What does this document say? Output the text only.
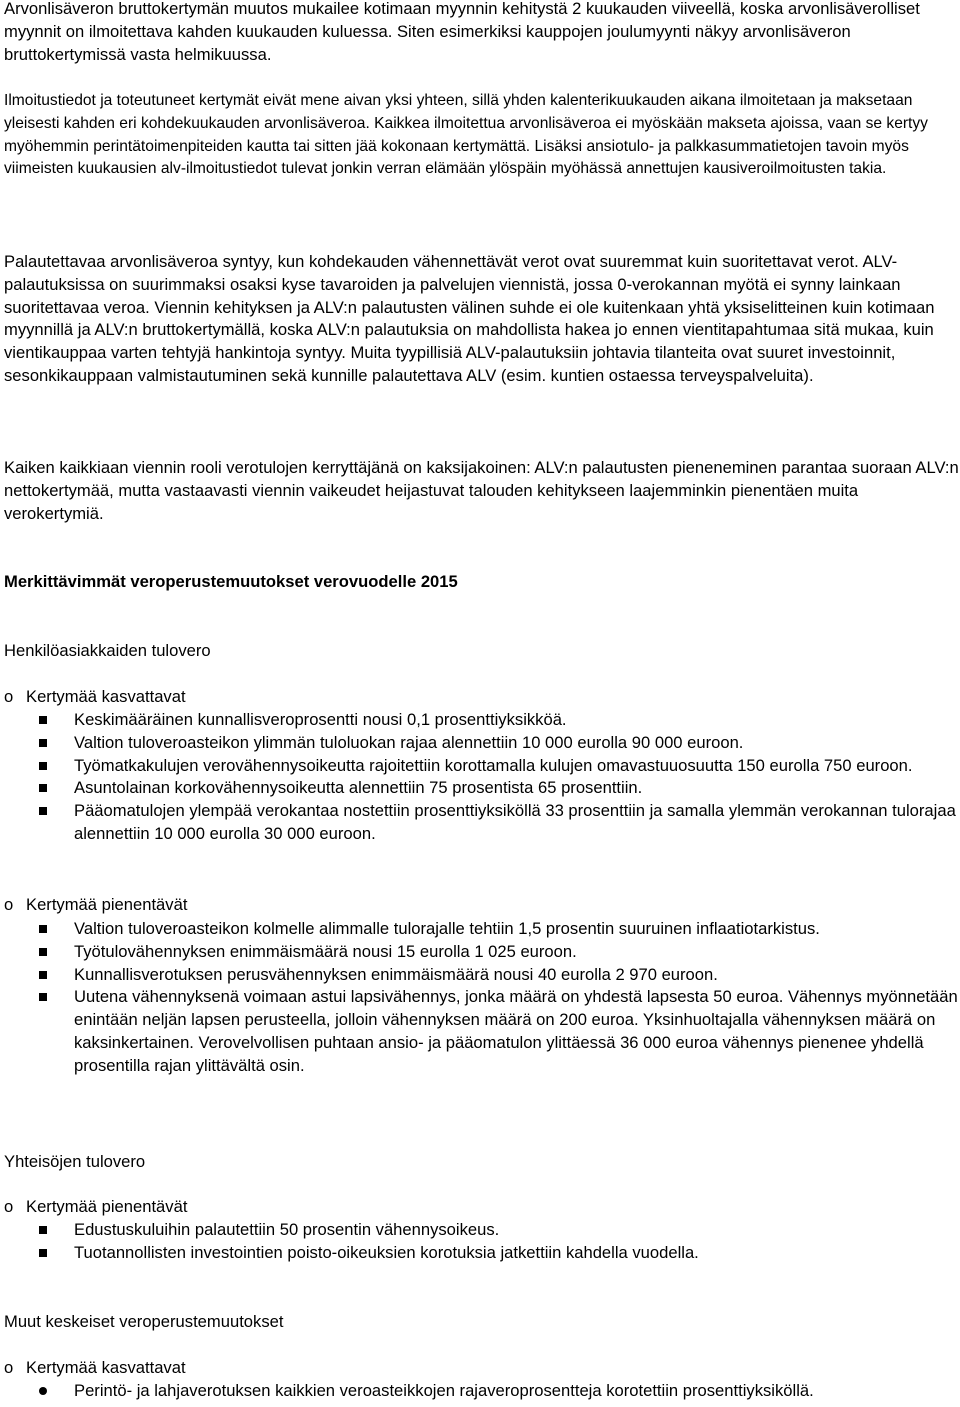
Arvonlisäveron bruttokertymän muutos mukailee kotimaan myynnin kehitystä 2 kuukauden viiveellä, koska arvonlisäverolliset myynnit on ilmoitettava kahden kuukauden kuluessa. Siten esimerkiksi kauppojen joulumyynti näkyy arvonlisäveron bruttokertymissä vasta helmikuussa.

Ilmoitustiedot ja toteutuneet kertymät eivät mene aivan yksi yhteen, sillä yhden kalenterikuukauden aikana ilmoitetaan ja maksetaan yleisesti kahden eri kohdekuukauden arvonlisäveroa. Kaikkea ilmoitettua arvonlisäveroa ei myöskään makseta ajoissa, vaan se kertyy myöhemmin perintätoimenpiteiden kautta tai sitten jää kokonaan kertymättä. Lisäksi ansiotulo- ja palkkasummatietojen tavoin myös viimeisten kuukausien alv-ilmoitustiedot tulevat jonkin verran elämään ylöspäin myöhässä annettujen kausiveroilmoitusten takia.

Palautettavaa arvonlisäveroa syntyy, kun kohdekauden vähennettävät verot ovat suuremmat kuin suoritettavat verot. ALV-palautuksissa on suurimmaksi osaksi kyse tavaroiden ja palvelujen viennistä, jossa 0-verokannan myötä ei synny lainkaan suoritettavaa veroa. Viennin kehityksen ja ALV:n palautusten välinen suhde ei ole kuitenkaan yhtä yksiselitteinen kuin kotimaan myynnillä ja ALV:n bruttokertymällä, koska ALV:n palautuksia on mahdollista hakea jo ennen vientitapahtumaa sitä mukaa, kuin vientikauppaa varten tehtyjä hankintoja syntyy. Muita tyypillisiä ALV-palautuksiin johtavia tilanteita ovat suuret investoinnit, sesonkikauppaan valmistautuminen sekä kunnille palautettava ALV (esim. kuntien ostaessa terveyspalveluita).

Kaiken kaikkiaan viennin rooli verotulojen kerryttäjänä on kaksijakoinen: ALV:n palautusten pieneneminen parantaa suoraan ALV:n nettokertymää, mutta vastaavasti viennin vaikeudet heijastuvat talouden kehitykseen laajemminkin pienentäen muita verokertymiä.

Merkittävimmät veroperustemuutokset verovuodelle 2015
Henkilöasiakkaiden tulovero
o Kertymää kasvattavat
Keskimääräinen kunnallisveroprosentti nousi 0,1 prosenttiyksikköä.
Valtion tuloveroasteikon ylimmän tuloluokan rajaa alennettiin 10 000 eurolla 90 000 euroon.
Työmatkakulujen verovähennysoikeutta rajoitettiin korottamalla kulujen omavastuuosuutta 150 eurolla 750 euroon.
Asuntolainan korkovähennysoikeutta alennettiin 75 prosentista 65 prosenttiin.
Pääomatulojen ylempää verokantaa nostettiin prosenttiyksiköllä 33 prosenttiin ja samalla ylemmän verokannan tulorajaa alennettiin 10 000 eurolla 30 000 euroon.
o Kertymää pienentävät
Valtion tuloveroasteikon kolmelle alimmalle tulorajalle tehtiin 1,5 prosentin suuruinen inflaatiotarkistus.
Työtulovähennyksen enimmäismäärä nousi 15 eurolla 1 025 euroon.
Kunnallisverotuksen perusvähennyksen enimmäismäärä nousi 40 eurolla 2 970 euroon.
Uutena vähennyksenä voimaan astui lapsivähennys, jonka määrä on yhdestä lapsesta 50 euroa. Vähennys myönnetään enintään neljän lapsen perusteella, jolloin vähennyksen määrä on 200 euroa. Yksinhuoltajalla vähennyksen määrä on kaksinkertainen. Verovelvollisen puhtaan ansio- ja pääomatulon ylittäessä 36 000 euroa vähennys pienenee yhdellä prosentilla rajan ylittävältä osin.
Yhteisöjen tulovero
o Kertymää pienentävät
Edustuskuluihin palautettiin 50 prosentin vähennysoikeus.
Tuotannollisten investointien poisto-oikeuksien korotuksia jatkettiin kahdella vuodella.
Muut keskeiset veroperustemuutokset
o Kertymää kasvattavat
Perintö- ja lahjaverotuksen kaikkien veroasteikkojen rajaveroprosentteja korotettiin prosenttiyksiköllä.
